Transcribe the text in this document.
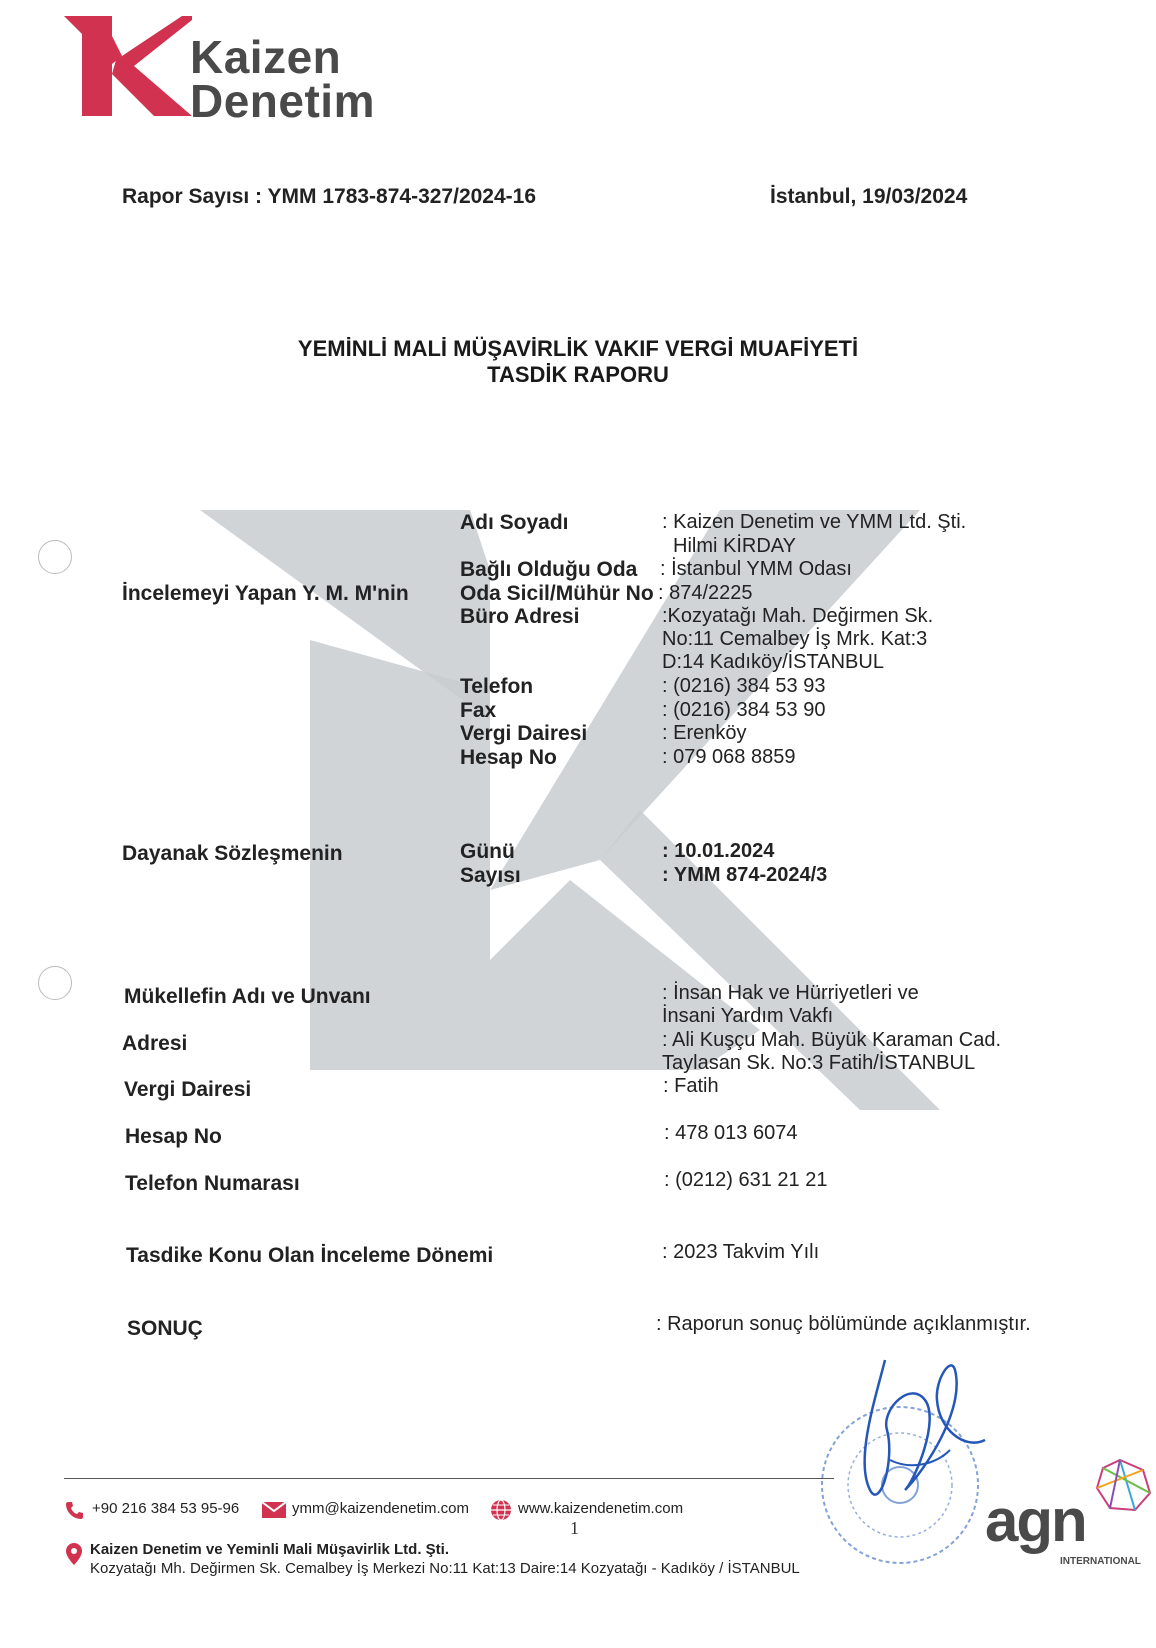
Kaizen
Denetim
Rapor Sayısı : YMM 1783-874-327/2024-16	İstanbul, 19/03/2024
YEMİNLİ MALİ MÜŞAVİRLİK VAKIF VERGİ MUAFİYETİ
TASDİK RAPORU
İncelemeyi Yapan Y. M. M'nin
Adı Soyadı	: Kaizen Denetim ve YMM Ltd. Şti.
Hilmi KİRDAY
Bağlı Olduğu Oda : İstanbul YMM Odası
Oda Sicil/Mühür No : 874/2225
Büro Adresi	:Kozyatağı Mah. Değirmen Sk.
No:11 Cemalbey İş Mrk. Kat:3
D:14 Kadıköy/İSTANBUL
Telefon	: (0216) 384 53 93
Fax	: (0216) 384 53 90
Vergi Dairesi	: Erenköy
Hesap No	: 079 068 8859
Dayanak Sözleşmenin	Günü	: 10.01.2024
Sayısı	: YMM 874-2024/3
Mükellefin Adı ve Unvanı	: İnsan Hak ve Hürriyetleri ve
İnsani Yardım Vakfı
Adresi	: Ali Kuşçu Mah. Büyük Karaman Cad.
Taylasan Sk. No:3 Fatih/İSTANBUL
Vergi Dairesi	: Fatih
Hesap No	: 478 013 6074
Telefon Numarası	: (0212) 631 21 21
Tasdike Konu Olan İnceleme Dönemi	: 2023 Takvim Yılı
SONUÇ	: Raporun sonuç bölümünde açıklanmıştır.
+90 216 384 53 95-96	ymm@kaizendenetim.com	www.kaizendenetim.com
1
Kaizen Denetim ve Yeminli Mali Müşavirlik Ltd. Şti.
Kozyatağı Mh. Değirmen Sk. Cemalbey İş Merkezi No:11 Kat:13 Daire:14 Kozyatağı - Kadıköy / İSTANBUL
agn
INTERNATIONAL
